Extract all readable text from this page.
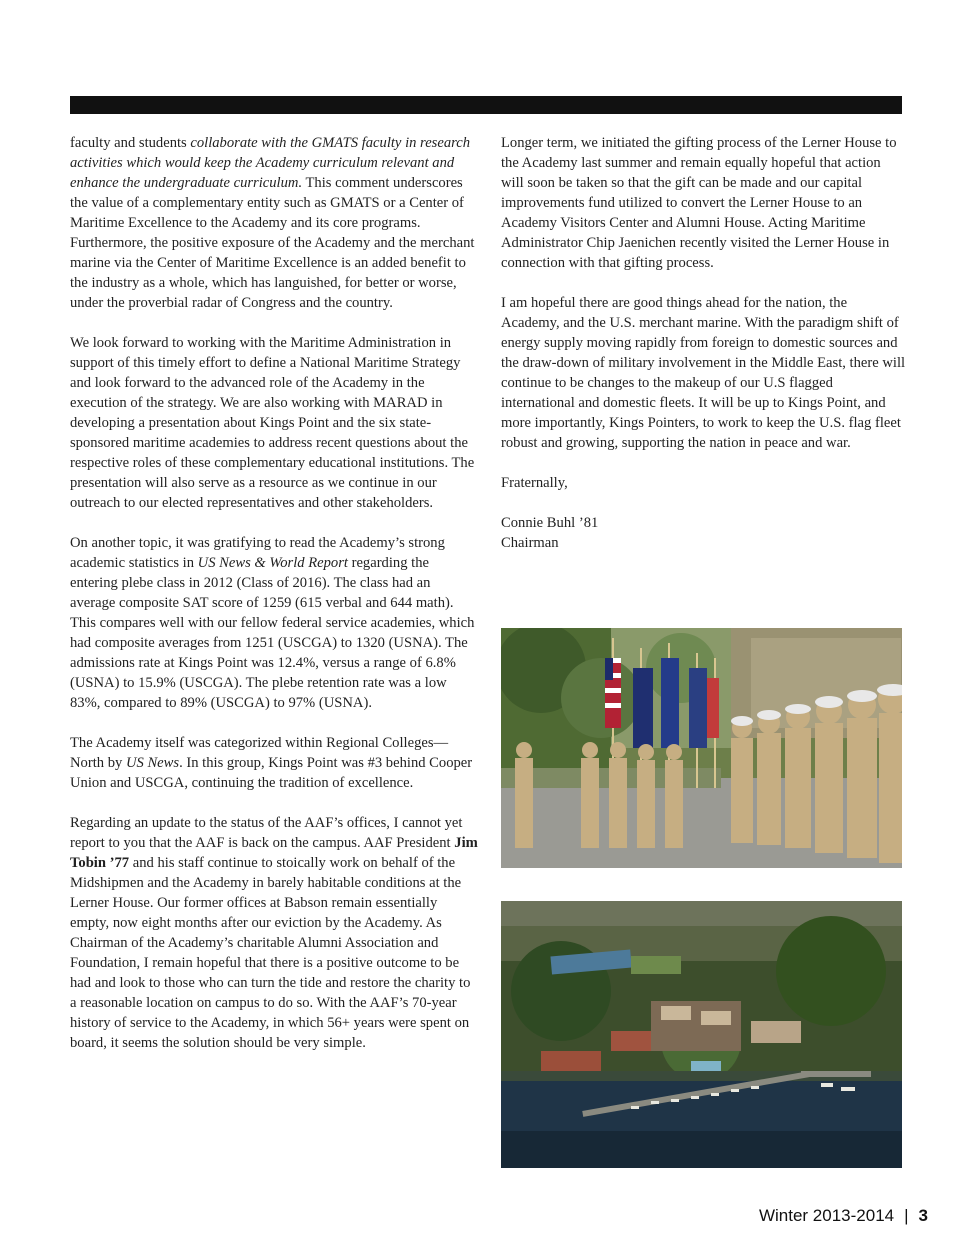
faculty and students collaborate with the GMATS faculty in research activities which would keep the Academy curriculum relevant and enhance the undergraduate curriculum. This comment underscores the value of a complementary entity such as GMATS or a Center of Maritime Excellence to the Academy and its core programs. Furthermore, the positive exposure of the Academy and the merchant marine via the Center of Maritime Excellence is an added benefit to the industry as a whole, which has languished, for better or worse, under the proverbial radar of Congress and the country.

We look forward to working with the Maritime Administration in support of this timely effort to define a National Maritime Strategy and look forward to the advanced role of the Academy in the execution of the strategy. We are also working with MARAD in developing a presentation about Kings Point and the six state-sponsored maritime academies to address recent questions about the respective roles of these complementary educational institutions. The presentation will also serve as a resource as we continue in our outreach to our elected representatives and other stakeholders.

On another topic, it was gratifying to read the Academy’s strong academic statistics in US News & World Report regarding the entering plebe class in 2012 (Class of 2016). The class had an average composite SAT score of 1259 (615 verbal and 644 math). This compares well with our fellow federal service academies, which had composite averages from 1251 (USCGA) to 1320 (USNA). The admissions rate at Kings Point was 12.4%, versus a range of 6.8% (USNA) to 15.9% (USCGA). The plebe retention rate was a low 83%, compared to 89% (USCGA) to 97% (USNA).

The Academy itself was categorized within Regional Colleges—North by US News. In this group, Kings Point was #3 behind Cooper Union and USCGA, continuing the tradition of excellence.

Regarding an update to the status of the AAF’s offices, I cannot yet report to you that the AAF is back on the campus. AAF President Jim Tobin ’77 and his staff continue to stoically work on behalf of the Midshipmen and the Academy in barely habitable conditions at the Lerner House. Our former offices at Babson remain essentially empty, now eight months after our eviction by the Academy. As Chairman of the Academy’s charitable Alumni Association and Foundation, I remain hopeful that there is a positive outcome to be had and look to those who can turn the tide and restore the charity to a reasonable location on campus to do so. With the AAF’s 70-year history of service to the Academy, in which 56+ years were spent on board, it seems the solution should be very simple.

Longer term, we initiated the gifting process of the Lerner House to the Academy last summer and remain equally hopeful that action will soon be taken so that the gift can be made and our capital improvements fund utilized to convert the Lerner House to an Academy Visitors Center and Alumni House. Acting Maritime Administrator Chip Jaenichen recently visited the Lerner House in connection with that gifting process.

I am hopeful there are good things ahead for the nation, the Academy, and the U.S. merchant marine. With the paradigm shift of energy supply moving rapidly from foreign to domestic sources and the draw-down of military involvement in the Middle East, there will continue to be changes to the makeup of our U.S flagged international and domestic fleets. It will be up to Kings Point, and more importantly, Kings Pointers, to work to keep the U.S. flag fleet robust and growing, supporting the nation in peace and war.

Fraternally,

Connie Buhl ’81

Chairman

Winter 2013-2014 | 3
